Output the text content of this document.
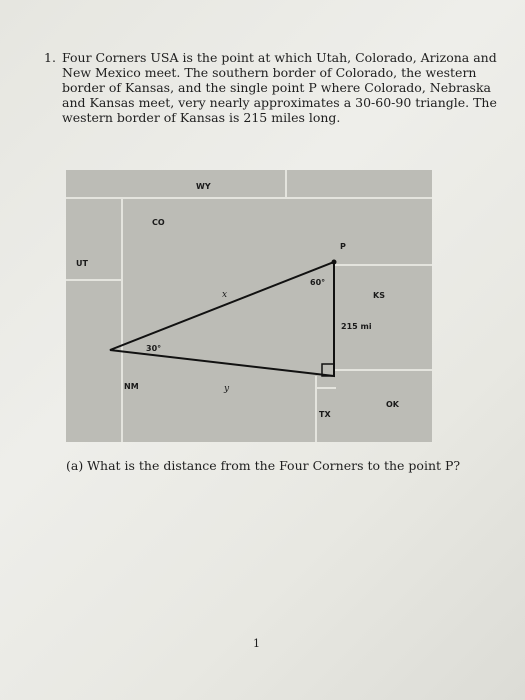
1. Four Corners USA is the point at which Utah, Colorado, Arizona and New Mexico meet. The southern border of Colorado, the western border of Kansas, and the single point P where Colorado, Nebraska and Kansas meet, very nearly approximates a 30-60-90 triangle. The western border of Kansas is 215 miles long.
WY
CO
UT
P
60°
KS
x
215 mi
30°
NM	y
OK
TX
(a) What is the distance from the Four Corners to the point P?
1
